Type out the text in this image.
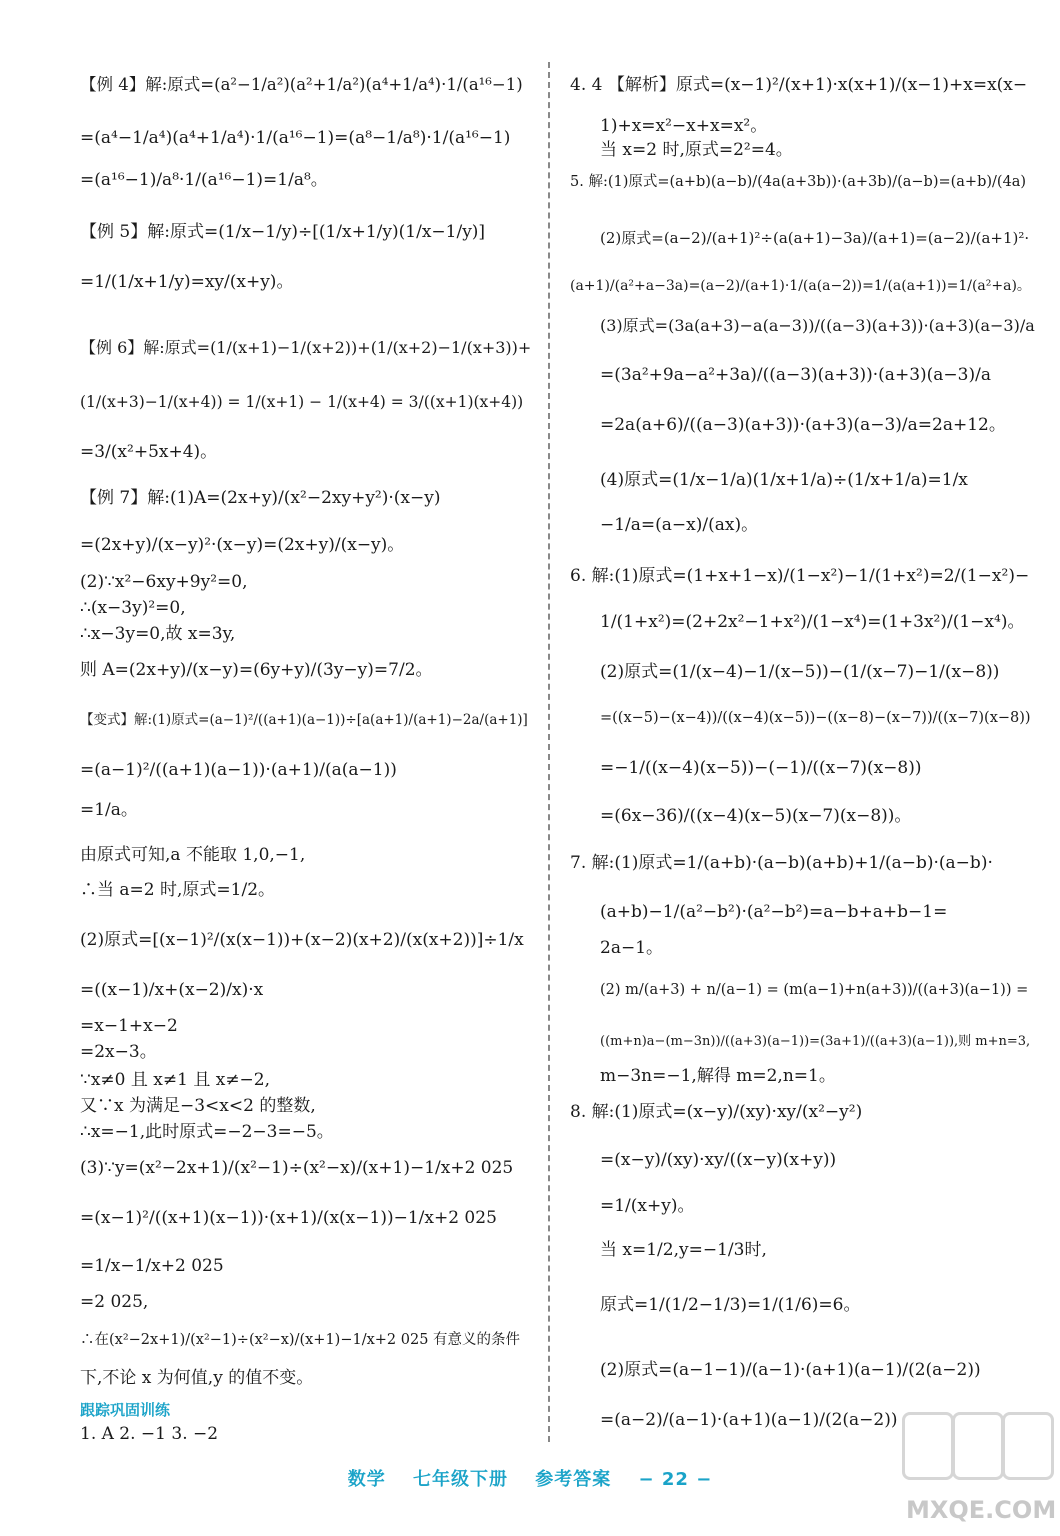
【例 4】解:原式=(a²−1/a²)(a²+1/a²)(a⁴+1/a⁴)·1/(a¹⁶−1)
=(a⁴−1/a⁴)(a⁴+1/a⁴)·1/(a¹⁶−1)=(a⁸−1/a⁸)·1/(a¹⁶−1)
=(a¹⁶−1)/a⁸·1/(a¹⁶−1)=1/a⁸。
【例 5】解:原式=(1/x−1/y)÷[(1/x+1/y)(1/x−1/y)]
=1/(1/x+1/y)=xy/(x+y)。
【例 6】解:原式=(1/(x+1)−1/(x+2))+(1/(x+2)−1/(x+3))+
(1/(x+3)−1/(x+4)) = 1/(x+1) − 1/(x+4) = 3/((x+1)(x+4))
=3/(x²+5x+4)。
【例 7】解:(1)A=(2x+y)/(x²−2xy+y²)·(x−y)
=(2x+y)/(x−y)²·(x−y)=(2x+y)/(x−y)。
(2)∵x²−6xy+9y²=0,
∴(x−3y)²=0,
∴x−3y=0,故 x=3y,
则 A=(2x+y)/(x−y)=(6y+y)/(3y−y)=7/2。
【变式】解:(1)原式=(a−1)²/((a+1)(a−1))÷[a(a+1)/(a+1)−2a/(a+1)]
=(a−1)²/((a+1)(a−1))·(a+1)/(a(a−1))
=1/a。
由原式可知,a 不能取 1,0,−1,
∴当 a=2 时,原式=1/2。
(2)原式=[(x−1)²/(x(x−1))+(x−2)(x+2)/(x(x+2))]÷1/x
=((x−1)/x+(x−2)/x)·x
=x−1+x−2
=2x−3。
∵x≠0 且 x≠1 且 x≠−2,
又∵x 为满足−3<x<2 的整数,
∴x=−1,此时原式=−2−3=−5。
(3)∵y=(x²−2x+1)/(x²−1)÷(x²−x)/(x+1)−1/x+2 025
=(x−1)²/((x+1)(x−1))·(x+1)/(x(x−1))−1/x+2 025
=1/x−1/x+2 025
=2 025,
∴在(x²−2x+1)/(x²−1)÷(x²−x)/(x+1)−1/x+2 025 有意义的条件
下,不论 x 为何值,y 的值不变。
跟踪巩固训练
1. A 2. −1 3. −2
4. 4 【解析】原式=(x−1)²/(x+1)·x(x+1)/(x−1)+x=x(x−
1)+x=x²−x+x=x²。
当 x=2 时,原式=2²=4。
5. 解:(1)原式=(a+b)(a−b)/(4a(a+3b))·(a+3b)/(a−b)=(a+b)/(4a)
(2)原式=(a−2)/(a+1)²÷(a(a+1)−3a)/(a+1)=(a−2)/(a+1)²·
(a+1)/(a²+a−3a)=(a−2)/(a+1)·1/(a(a−2))=1/(a(a+1))=1/(a²+a)。
(3)原式=(3a(a+3)−a(a−3))/((a−3)(a+3))·(a+3)(a−3)/a
=(3a²+9a−a²+3a)/((a−3)(a+3))·(a+3)(a−3)/a
=2a(a+6)/((a−3)(a+3))·(a+3)(a−3)/a=2a+12。
(4)原式=(1/x−1/a)(1/x+1/a)÷(1/x+1/a)=1/x
−1/a=(a−x)/(ax)。
6. 解:(1)原式=(1+x+1−x)/(1−x²)−1/(1+x²)=2/(1−x²)−
1/(1+x²)=(2+2x²−1+x²)/(1−x⁴)=(1+3x²)/(1−x⁴)。
(2)原式=(1/(x−4)−1/(x−5))−(1/(x−7)−1/(x−8))
=((x−5)−(x−4))/((x−4)(x−5))−((x−8)−(x−7))/((x−7)(x−8))
=−1/((x−4)(x−5))−(−1)/((x−7)(x−8))
=(6x−36)/((x−4)(x−5)(x−7)(x−8))。
7. 解:(1)原式=1/(a+b)·(a−b)(a+b)+1/(a−b)·(a−b)·
(a+b)−1/(a²−b²)·(a²−b²)=a−b+a+b−1=
2a−1。
(2) m/(a+3) + n/(a−1) = (m(a−1)+n(a+3))/((a+3)(a−1)) =
((m+n)a−(m−3n))/((a+3)(a−1))=(3a+1)/((a+3)(a−1)),则 m+n=3,
m−3n=−1,解得 m=2,n=1。
8. 解:(1)原式=(x−y)/(xy)·xy/(x²−y²)
=(x−y)/(xy)·xy/((x−y)(x+y))
=1/(x+y)。
当 x=1/2,y=−1/3时,
原式=1/(1/2−1/3)=1/(1/6)=6。
(2)原式=(a−1−1)/(a−1)·(a+1)(a−1)/(2(a−2))
=(a−2)/(a−1)·(a+1)(a−1)/(2(a−2))
数学 七年级下册 参考答案 − 22 −
MXQE.COM
